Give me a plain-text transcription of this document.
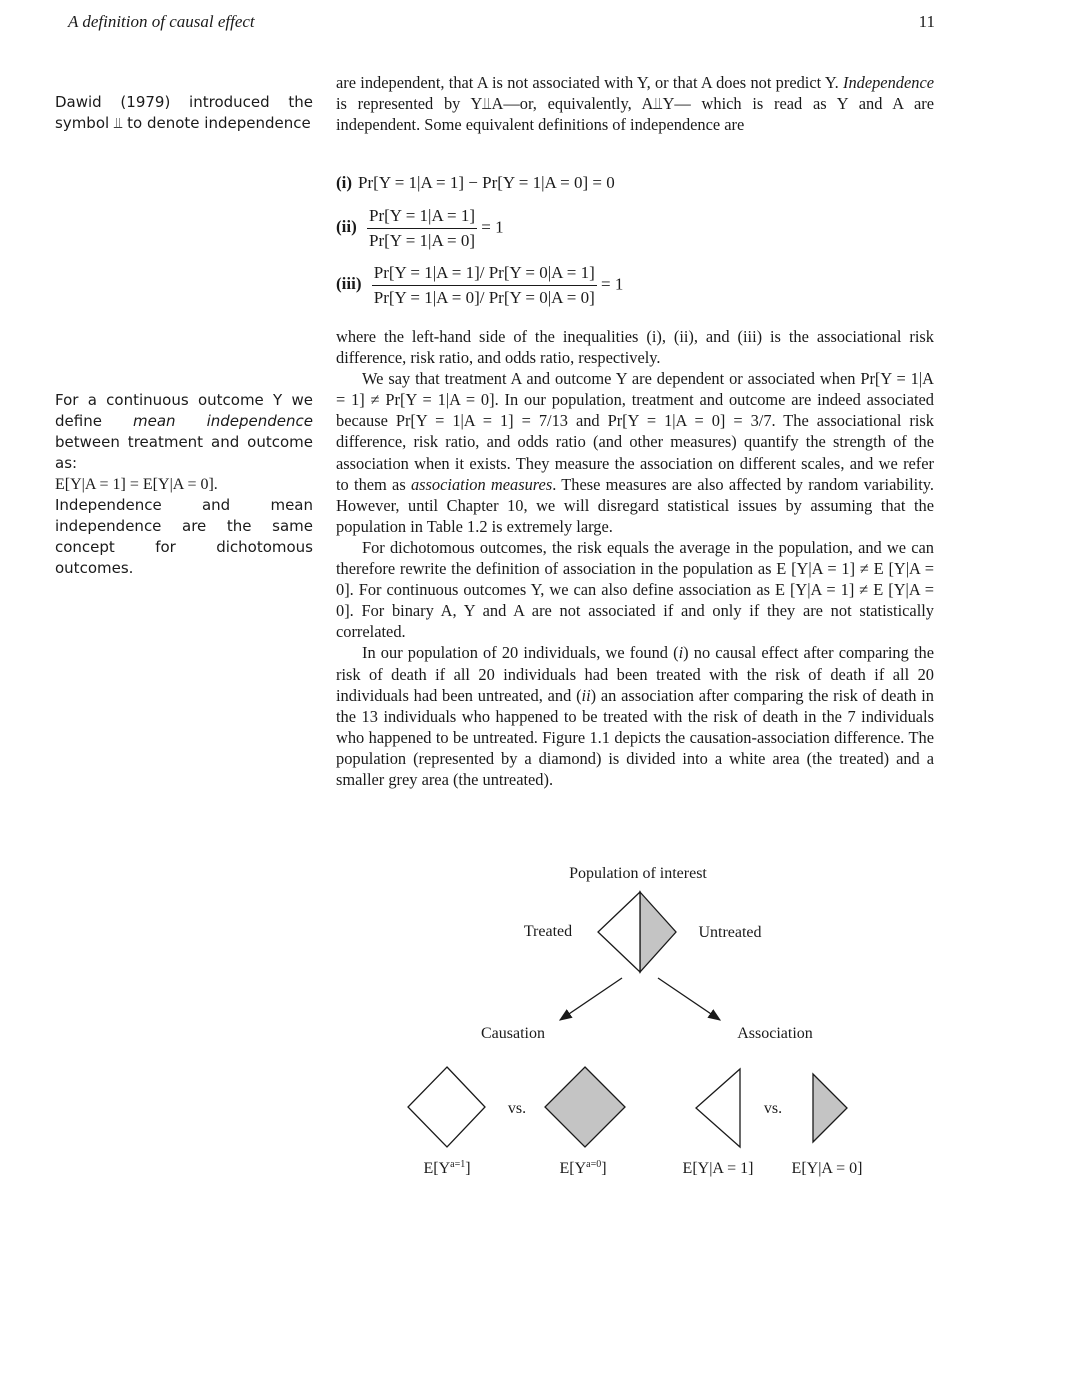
A definition of causal effect	11
Dawid (1979) introduced the symbol ⫫ to denote independence
For a continuous outcome Y we define mean independence between treatment and outcome as:
E[Y|A = 1] = E[Y|A = 0].
Independence and mean independence are the same concept for dichotomous outcomes.

are independent, that A is not associated with Y, or that A does not predict Y. Independence is represented by Y⫫A—or, equivalently, A⫫Y— which is read as Y and A are independent. Some equivalent definitions of independence are

(i) Pr[Y = 1|A = 1] − Pr[Y = 1|A = 0] = 0
$(ii) \frac{Pr[Y = 1|A = 1]}{Pr[Y = 1|A = 0]} = 1$
$(iii) \frac{Pr[Y = 1|A = 1]/ Pr[Y = 0|A = 1]}{Pr[Y = 1|A = 0]/ Pr[Y = 0|A = 0]} = 1$

where the left-hand side of the inequalities (i), (ii), and (iii) is the associational risk difference, risk ratio, and odds ratio, respectively.

We say that treatment A and outcome Y are dependent or associated when Pr[Y = 1|A = 1] ≠ Pr[Y = 1|A = 0]. In our population, treatment and outcome are indeed associated because Pr[Y = 1|A = 1] = 7/13 and Pr[Y = 1|A = 0] = 3/7. The associational risk difference, risk ratio, and odds ratio (and other measures) quantify the strength of the association when it exists. They measure the association on different scales, and we refer to them as association measures. These measures are also affected by random variability. However, until Chapter 10, we will disregard statistical issues by assuming that the population in Table 1.2 is extremely large.

For dichotomous outcomes, the risk equals the average in the population, and we can therefore rewrite the definition of association in the population as E [Y|A = 1] ≠ E [Y|A = 0]. For continuous outcomes Y, we can also define association as E [Y|A = 1] ≠ E [Y|A = 0]. For binary A, Y and A are not associated if and only if they are not statistically correlated.

In our population of 20 individuals, we found (i) no causal effect after comparing the risk of death if all 20 individuals had been treated with the risk of death if all 20 individuals had been untreated, and (ii) an association after comparing the risk of death in the 13 individuals who happened to be treated with the risk of death in the 7 individuals who happened to be untreated. Figure 1.1 depicts the causation-association difference. The population (represented by a diamond) is divided into a white area (the treated) and a smaller grey area (the untreated).

Population of interest
Treated	Untreated
Causation	Association
vs.	vs.
$E[Y^{a=1}]$	$E[Y^{a=0}]$	E[Y|A = 1] E[Y|A = 0]
